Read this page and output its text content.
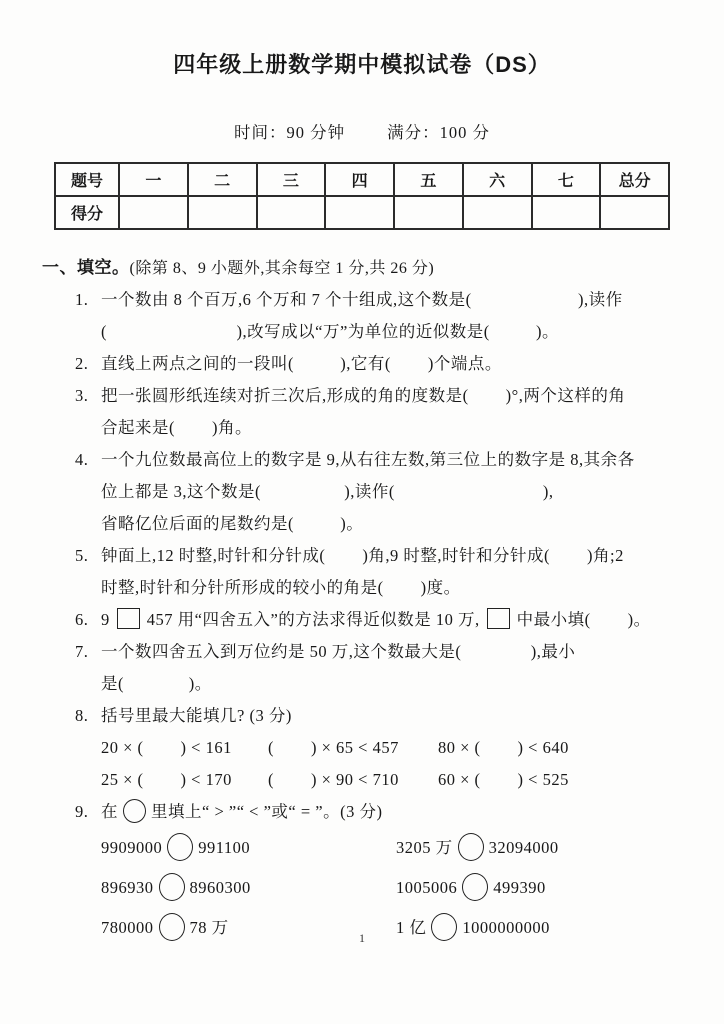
四年级上册数学期中模拟试卷（DS）
时间：90 分钟	满分：100 分
题号	一	二	三	四	五	六	七	总分
得分								
一、填空。(除第 8、9 小题外,其余每空 1 分,共 26 分)
1. 一个数由 8 个百万,6 个万和 7 个十组成,这个数是(                       ),读作
(                            ),改写成以“万”为单位的近似数是(          )。
2. 直线上两点之间的一段叫(          ),它有(        )个端点。
3. 把一张圆形纸连续对折三次后,形成的角的度数是(        )°,两个这样的角
合起来是(        )角。
4. 一个九位数最高位上的数字是 9,从右往左数,第三位上的数字是 8,其余各
位上都是 3,这个数是(                  ),读作(                                ),
省略亿位后面的尾数约是(          )。
5. 钟面上,12 时整,时针和分针成(        )角,9 时整,时针和分针成(        )角;2
时整,时针和分针所形成的较小的角是(        )度。
6. 9 457 用“四舍五入”的方法求得近似数是 10 万, 中最小填(        )。
7. 一个数四舍五入到万位约是 50 万,这个数最大是(               ),最小
是(              )。
8. 括号里最大能填几? (3 分)
20 × (        ) < 161	(        ) × 65 < 457	80 × (        ) < 640
25 × (        ) < 170	(        ) × 90 < 710	60 × (        ) < 525
9. 在 里填上“ > ”“ < ”或“ = ”。(3 分)
9909000 991100	3205 万 32094000
896930 8960300	1005006 499390
780000 78 万	1 亿 1000000000
1
